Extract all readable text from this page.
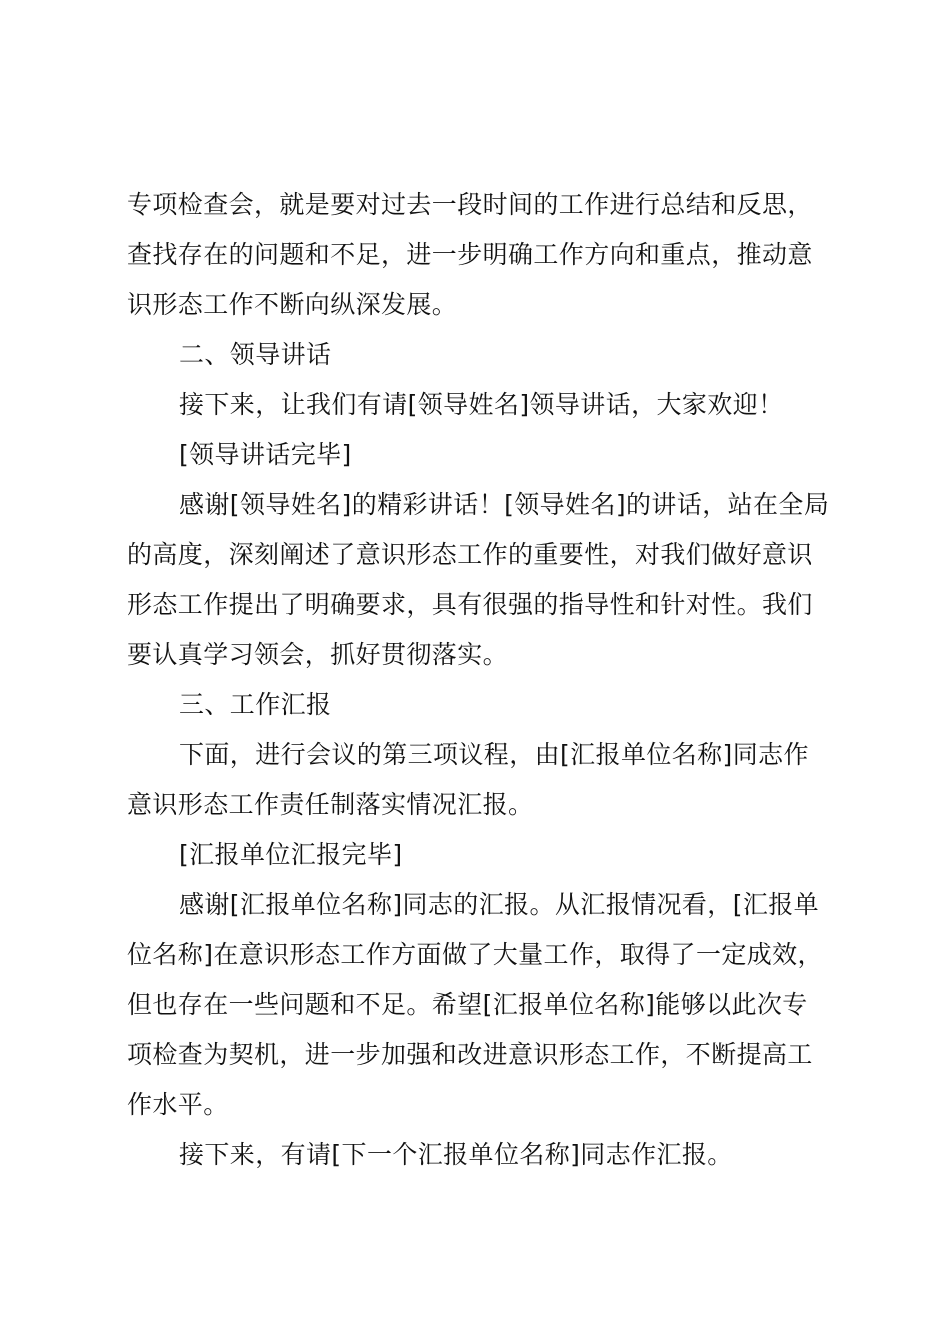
专项检查会，就是要对过去一段时间的工作进行总结和反思，
查找存在的问题和不足，进一步明确工作方向和重点，推动意
识形态工作不断向纵深发展。
二、领导讲话
接下来，让我们有请[领导姓名]领导讲话，大家欢迎！
[领导讲话完毕]
感谢[领导姓名]的精彩讲话！[领导姓名]的讲话，站在全局
的高度，深刻阐述了意识形态工作的重要性，对我们做好意识
形态工作提出了明确要求，具有很强的指导性和针对性。我们
要认真学习领会，抓好贯彻落实。
三、工作汇报
下面，进行会议的第三项议程，由[汇报单位名称]同志作
意识形态工作责任制落实情况汇报。
[汇报单位汇报完毕]
感谢[汇报单位名称]同志的汇报。从汇报情况看，[汇报单
位名称]在意识形态工作方面做了大量工作，取得了一定成效，
但也存在一些问题和不足。希望[汇报单位名称]能够以此次专
项检查为契机，进一步加强和改进意识形态工作，不断提高工
作水平。
接下来，有请[下一个汇报单位名称]同志作汇报。
